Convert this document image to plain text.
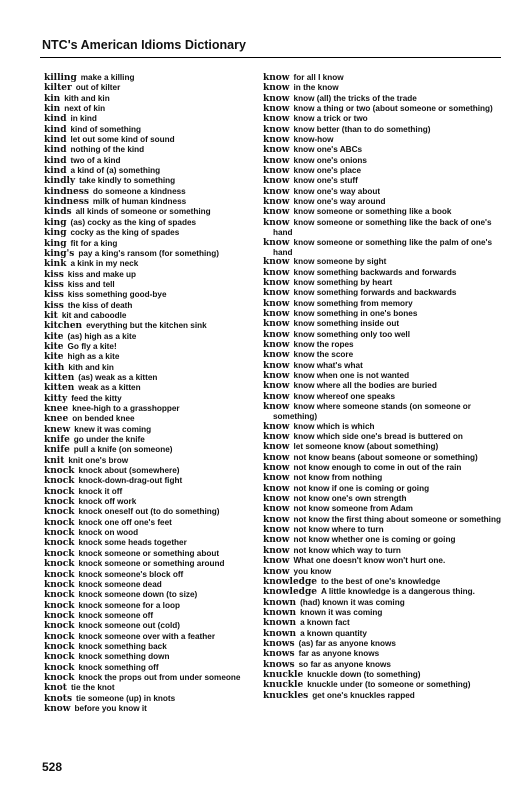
NTC's American Idioms Dictionary
killing make a killing
kilter out of kilter
kin kith and kin
kin next of kin
kind in kind
kind kind of something
kind let out some kind of sound
kind nothing of the kind
kind two of a kind
kind a kind of (a) something
kindly take kindly to something
kindness do someone a kindness
kindness milk of human kindness
kinds all kinds of someone or something
king (as) cocky as the king of spades
king cocky as the king of spades
king fit for a king
king's pay a king's ransom (for something)
kink a kink in my neck
kiss kiss and make up
kiss kiss and tell
kiss kiss something good-bye
kiss the kiss of death
kit kit and caboodle
kitchen everything but the kitchen sink
kite (as) high as a kite
kite Go fly a kite!
kite high as a kite
kith kith and kin
kitten (as) weak as a kitten
kitten weak as a kitten
kitty feed the kitty
knee knee-high to a grasshopper
knee on bended knee
knew knew it was coming
knife go under the knife
knife pull a knife (on someone)
knit knit one's brow
knock knock about (somewhere)
knock knock-down-drag-out fight
knock knock it off
knock knock off work
knock knock oneself out (to do something)
knock knock one off one's feet
knock knock on wood
knock knock some heads together
knock knock someone or something about
knock knock someone or something around
knock knock someone's block off
knock knock someone dead
knock knock someone down (to size)
knock knock someone for a loop
knock knock someone off
knock knock someone out (cold)
knock knock someone over with a feather
knock knock something back
knock knock something down
knock knock something off
knock knock the props out from under someone
knot tie the knot
knots tie someone (up) in knots
know before you know it
know for all I know
know in the know
know know (all) the tricks of the trade
know know a thing or two (about someone or something)
know know a trick or two
know know better (than to do something)
know know-how
know know one's ABCs
know know one's onions
know know one's place
know know one's stuff
know know one's way about
know know one's way around
know know someone or something like a book
know know someone or something like the back of one's hand
know know someone or something like the palm of one's hand
know know someone by sight
know know something backwards and forwards
know know something by heart
know know something forwards and backwards
know know something from memory
know know something in one's bones
know know something inside out
know know something only too well
know know the ropes
know know the score
know know what's what
know know when one is not wanted
know know where all the bodies are buried
know know whereof one speaks
know know where someone stands (on someone or something)
know know which is which
know know which side one's bread is buttered on
know let someone know (about something)
know not know beans (about someone or something)
know not know enough to come in out of the rain
know not know from nothing
know not know if one is coming or going
know not know one's own strength
know not know someone from Adam
know not know the first thing about someone or something
know not know where to turn
know not know whether one is coming or going
know not know which way to turn
know What one doesn't know won't hurt one.
know you know
knowledge to the best of one's knowledge
knowledge A little knowledge is a dangerous thing.
known (had) known it was coming
known known it was coming
known a known fact
known a known quantity
knows (as) far as anyone knows
knows far as anyone knows
knows so far as anyone knows
knuckle knuckle down (to something)
knuckle knuckle under (to someone or something)
knuckles get one's knuckles rapped
528
